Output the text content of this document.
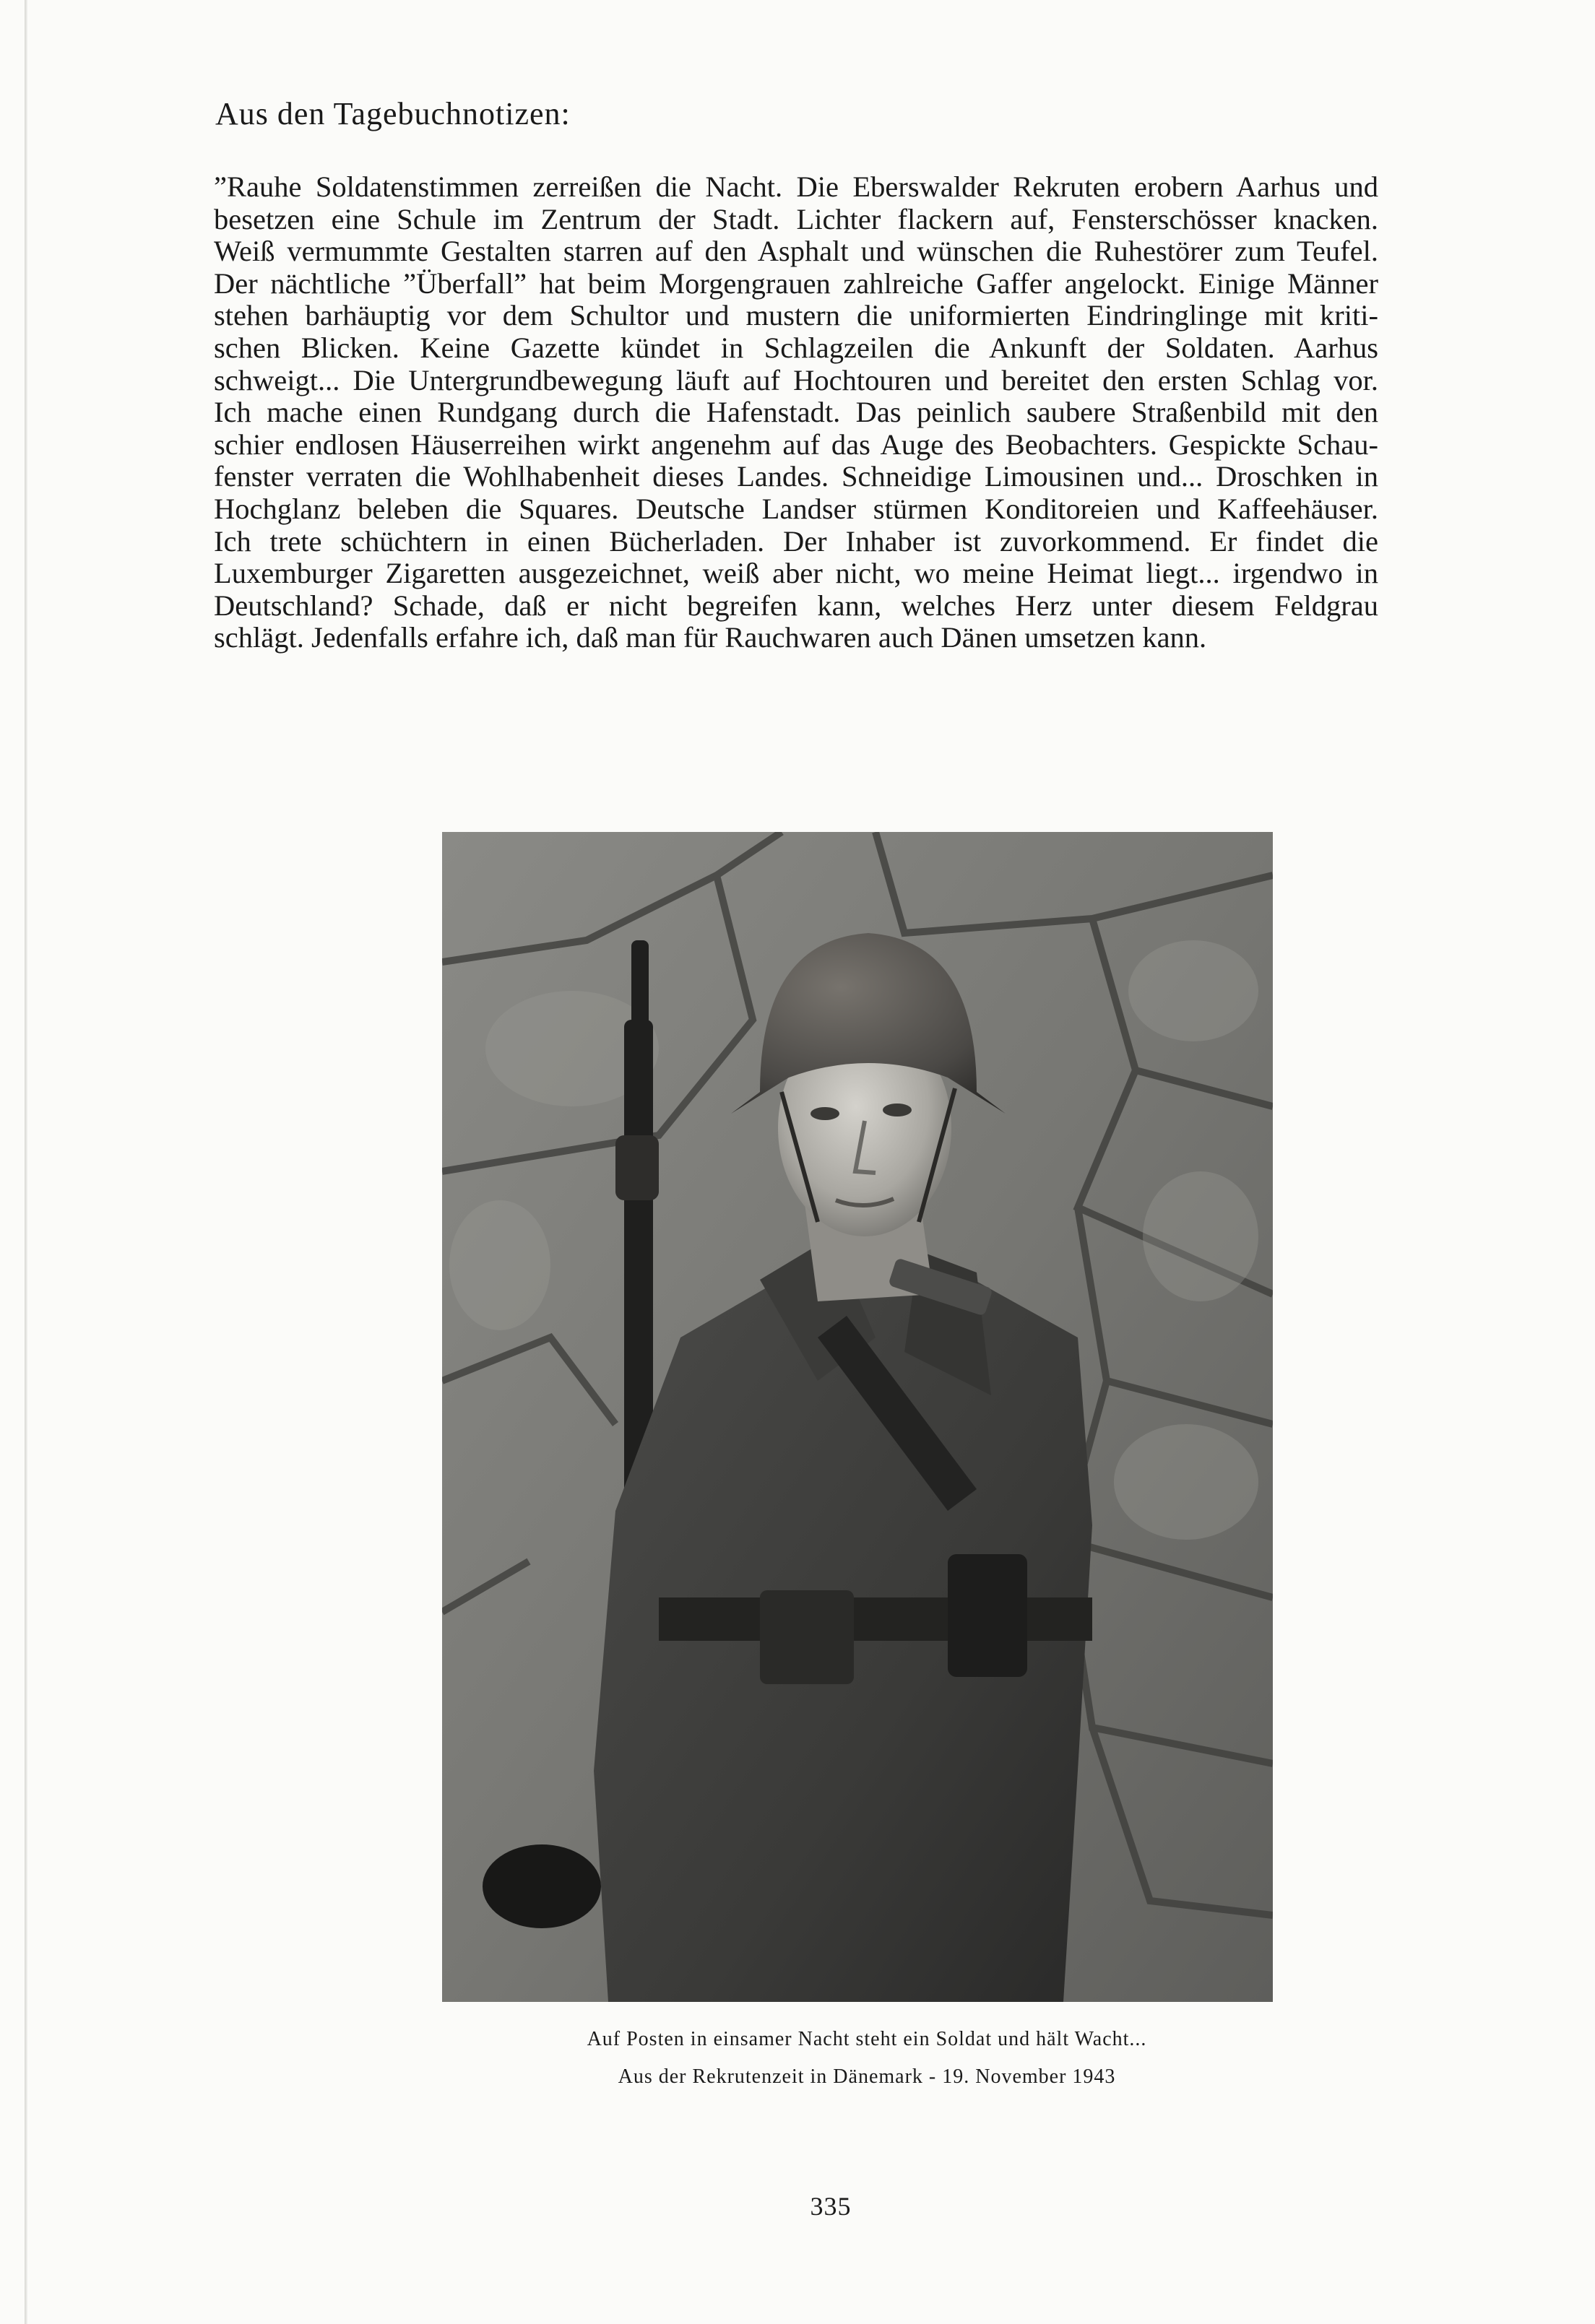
Aus den Tagebuchnotizen:
”Rauhe Soldatenstimmen zerreißen die Nacht. Die Eberswalder Rekruten erobern Aarhus und
besetzen eine Schule im Zentrum der Stadt. Lichter flackern auf, Fensterschösser knacken.
Weiß vermummte Gestalten starren auf den Asphalt und wünschen die Ruhestörer zum Teufel.
Der nächtliche ”Überfall” hat beim Morgengrauen zahlreiche Gaffer angelockt. Einige Männer
stehen barhäuptig vor dem Schultor und mustern die uniformierten Eindringlinge mit kriti-
schen Blicken. Keine Gazette kündet in Schlagzeilen die Ankunft der Soldaten. Aarhus
schweigt... Die Untergrundbewegung läuft auf Hochtouren und bereitet den ersten Schlag vor.
Ich mache einen Rundgang durch die Hafenstadt. Das peinlich saubere Straßenbild mit den
schier endlosen Häuserreihen wirkt angenehm auf das Auge des Beobachters. Gespickte Schau-
fenster verraten die Wohlhabenheit dieses Landes. Schneidige Limousinen und... Droschken in
Hochglanz beleben die Squares. Deutsche Landser stürmen Konditoreien und Kaffeehäuser.
Ich trete schüchtern in einen Bücherladen. Der Inhaber ist zuvorkommend. Er findet die
Luxemburger Zigaretten ausgezeichnet, weiß aber nicht, wo meine Heimat liegt... irgendwo in
Deutschland? Schade, daß er nicht begreifen kann, welches Herz unter diesem Feldgrau
schlägt. Jedenfalls erfahre ich, daß man für Rauchwaren auch Dänen umsetzen kann.
Auf Posten in einsamer Nacht steht ein Soldat und hält Wacht...
Aus der Rekrutenzeit in Dänemark - 19. November 1943
335
